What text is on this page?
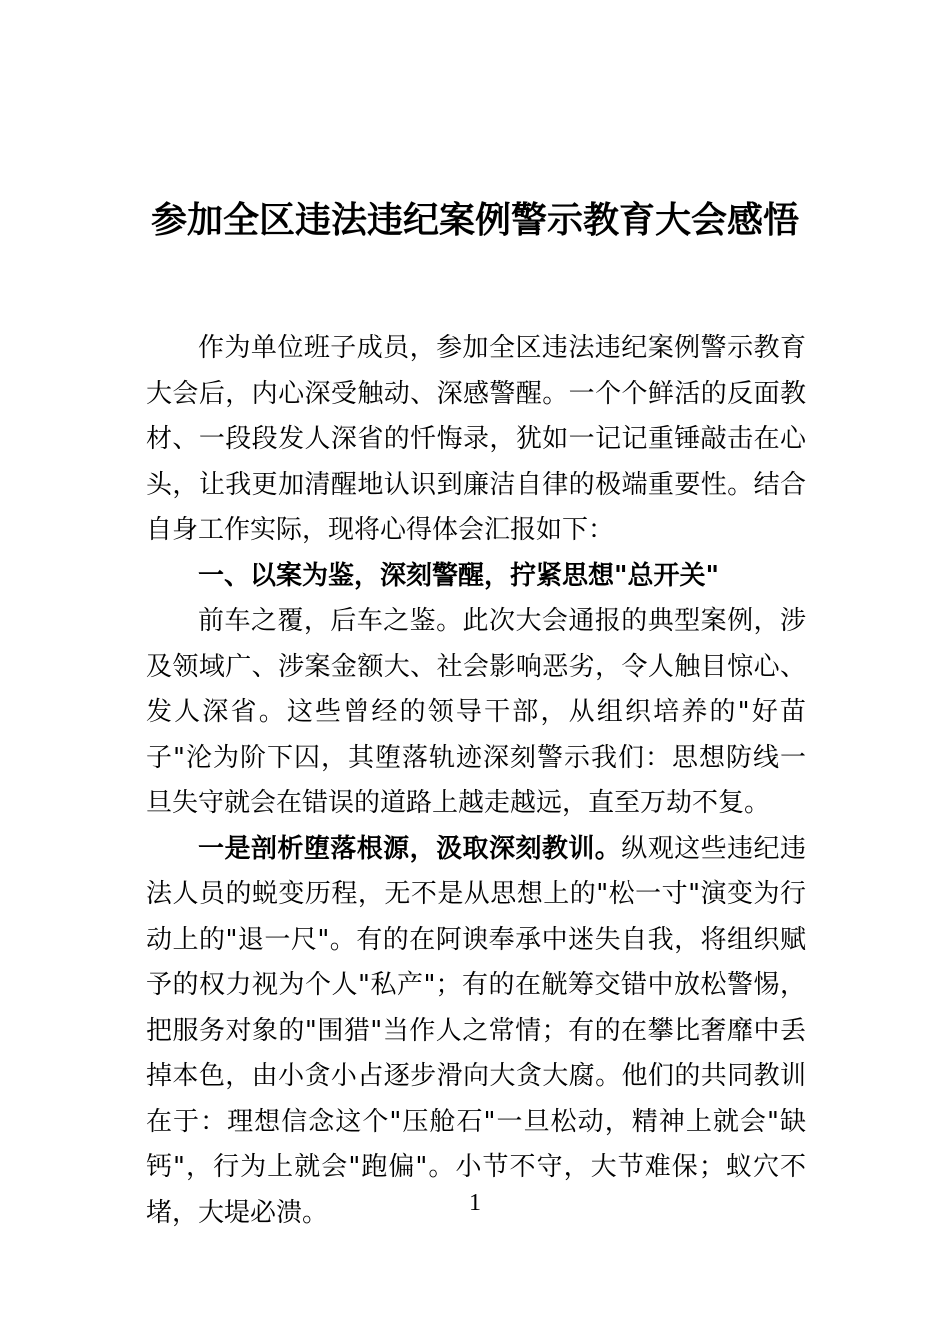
参加全区违法违纪案例警示教育大会感悟

作为单位班子成员，参加全区违法违纪案例警示教育大会后，内心深受触动、深感警醒。一个个鲜活的反面教材、一段段发人深省的忏悔录，犹如一记记重锤敲击在心头，让我更加清醒地认识到廉洁自律的极端重要性。结合自身工作实际，现将心得体会汇报如下：

一、以案为鉴，深刻警醒，拧紧思想"总开关"

前车之覆，后车之鉴。此次大会通报的典型案例，涉及领域广、涉案金额大、社会影响恶劣，令人触目惊心、发人深省。这些曾经的领导干部，从组织培养的"好苗子"沦为阶下囚，其堕落轨迹深刻警示我们：思想防线一旦失守就会在错误的道路上越走越远，直至万劫不复。

一是剖析堕落根源，汲取深刻教训。纵观这些违纪违法人员的蜕变历程，无不是从思想上的"松一寸"演变为行动上的"退一尺"。有的在阿谀奉承中迷失自我，将组织赋予的权力视为个人"私产"；有的在觥筹交错中放松警惕，把服务对象的"围猎"当作人之常情；有的在攀比奢靡中丢掉本色，由小贪小占逐步滑向大贪大腐。他们的共同教训在于：理想信念这个"压舱石"一旦松动，精神上就会"缺钙"，行为上就会"跑偏"。小节不守，大节难保；蚁穴不堵，大堤必溃。	1
